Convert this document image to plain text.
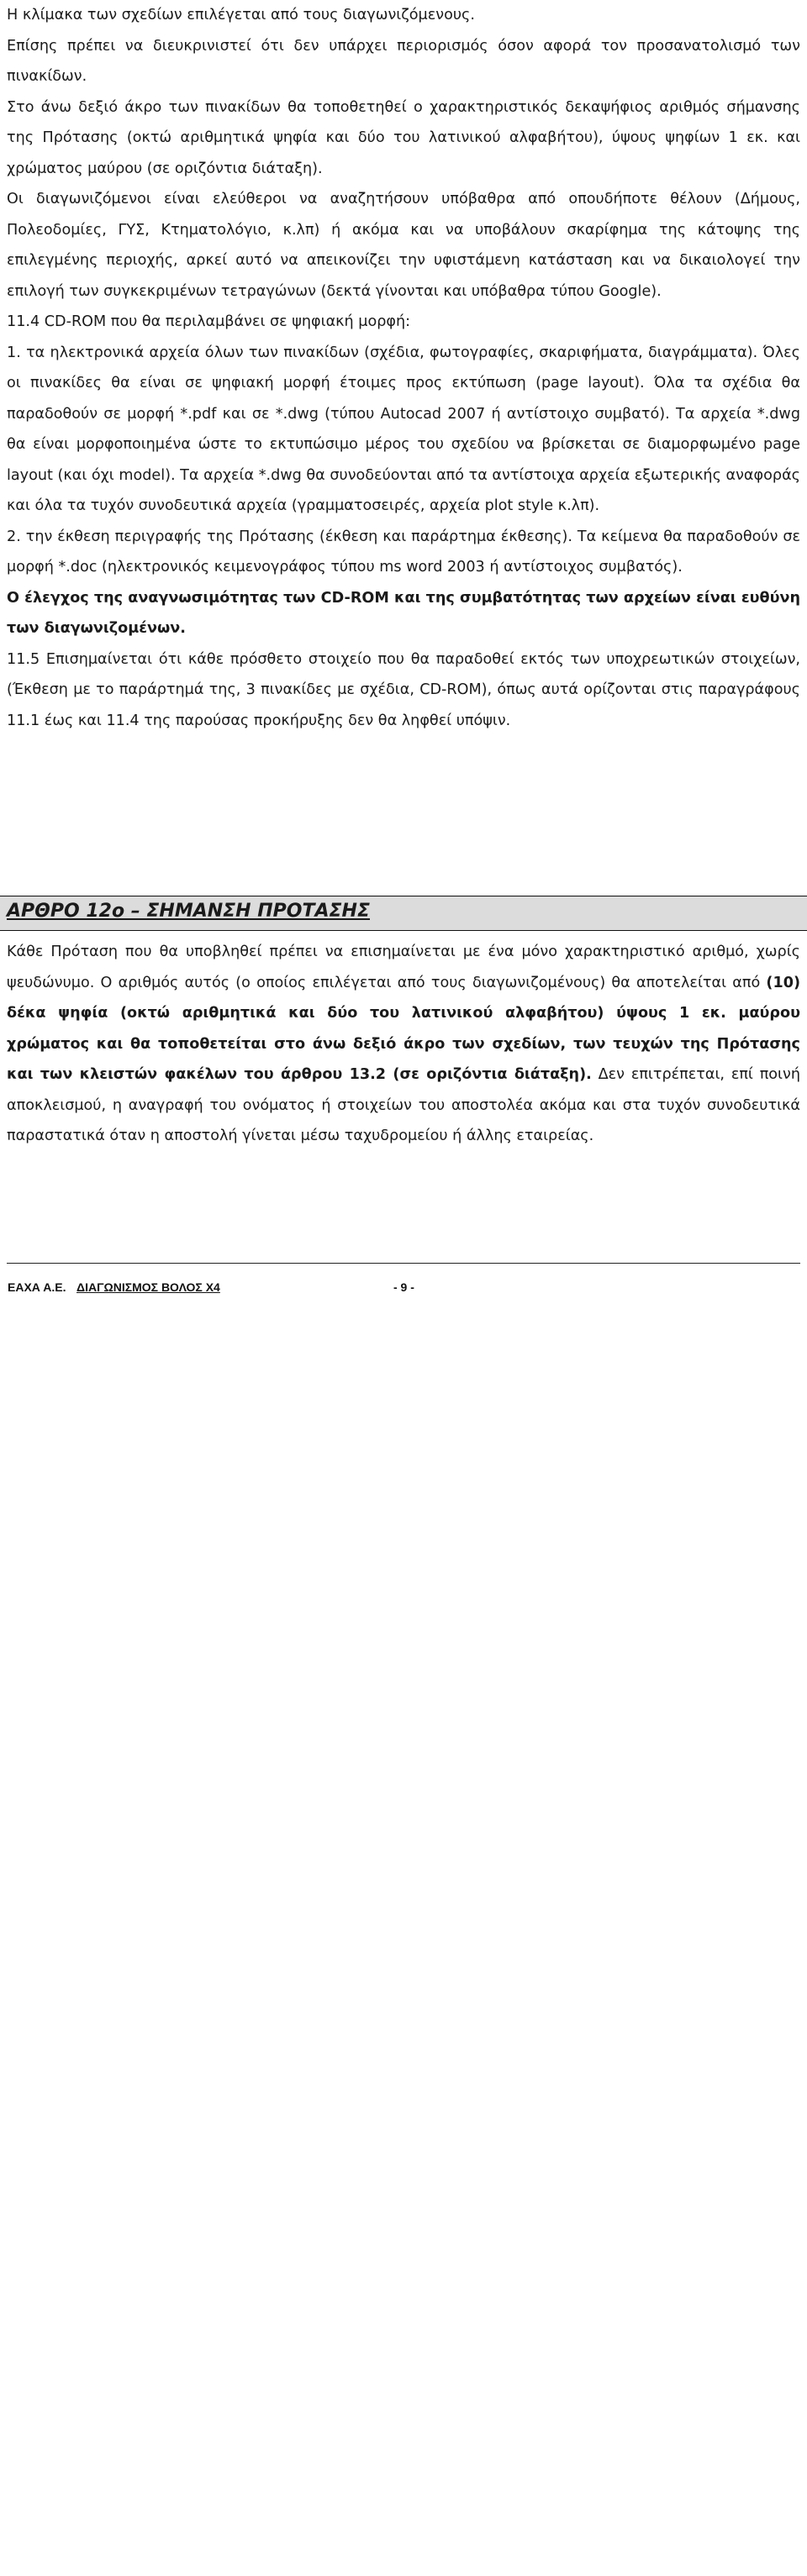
Η κλίμακα των σχεδίων επιλέγεται από τους διαγωνιζόμενους.

Επίσης πρέπει να διευκρινιστεί ότι δεν υπάρχει περιορισμός όσον αφορά τον προσανατολισμό των πινακίδων.

Στο άνω δεξιό άκρο των πινακίδων θα τοποθετηθεί ο χαρακτηριστικός δεκαψήφιος αριθμός σήμανσης της Πρότασης (οκτώ αριθμητικά ψηφία και δύο του λατινικού αλφαβήτου), ύψους ψηφίων 1 εκ. και χρώματος μαύρου (σε οριζόντια διάταξη).

Οι διαγωνιζόμενοι είναι ελεύθεροι να αναζητήσουν υπόβαθρα από οπουδήποτε θέλουν (Δήμους, Πολεοδομίες, ΓΥΣ, Κτηματολόγιο, κ.λπ) ή ακόμα και να υποβάλουν σκαρίφημα της κάτοψης της επιλεγμένης περιοχής, αρκεί αυτό να απεικονίζει την υφιστάμενη κατάσταση και να δικαιολογεί την επιλογή των συγκεκριμένων τετραγώνων (δεκτά γίνονται και υπόβαθρα τύπου Google).

11.4 CD-ROM που θα περιλαμβάνει σε ψηφιακή μορφή:

1. τα ηλεκτρονικά αρχεία όλων των πινακίδων (σχέδια, φωτογραφίες, σκαριφήματα, διαγράμματα). Όλες οι πινακίδες θα είναι σε ψηφιακή μορφή έτοιμες προς εκτύπωση (page layout). Όλα τα σχέδια θα παραδοθούν σε μορφή *.pdf και σε *.dwg (τύπου Autocad 2007 ή αντίστοιχο συμβατό). Τα αρχεία *.dwg θα είναι μορφοποιημένα ώστε το εκτυπώσιμο μέρος του σχεδίου να βρίσκεται σε διαμορφωμένο page layout (και όχι model). Τα αρχεία *.dwg θα συνοδεύονται από τα αντίστοιχα αρχεία εξωτερικής αναφοράς και όλα τα τυχόν συνοδευτικά αρχεία (γραμματοσειρές, αρχεία plot style κ.λπ).

2. την έκθεση περιγραφής της Πρότασης (έκθεση και παράρτημα έκθεσης). Τα κείμενα θα παραδοθούν σε μορφή *.doc (ηλεκτρονικός κειμενογράφος τύπου ms word 2003 ή αντίστοιχος συμβατός).

Ο έλεγχος της αναγνωσιμότητας των CD-ROM και της συμβατότητας των αρχείων είναι ευθύνη των διαγωνιζομένων.

11.5 Επισημαίνεται ότι κάθε πρόσθετο στοιχείο που θα παραδοθεί εκτός των υποχρεωτικών στοιχείων, (Έκθεση με το παράρτημά της, 3 πινακίδες με σχέδια, CD-ROM), όπως αυτά ορίζονται στις παραγράφους 11.1 έως και 11.4 της παρούσας προκήρυξης δεν θα ληφθεί υπόψιν.

ΑΡΘΡΟ 12ο – ΣΗΜΑΝΣΗ ΠΡΟΤΑΣΗΣ

Κάθε Πρόταση που θα υποβληθεί πρέπει να επισημαίνεται με ένα μόνο χαρακτηριστικό αριθμό, χωρίς ψευδώνυμο. Ο αριθμός αυτός (ο οποίος επιλέγεται από τους διαγωνιζομένους) θα αποτελείται από (10) δέκα ψηφία (οκτώ αριθμητικά και δύο του λατινικού αλφαβήτου) ύψους 1 εκ. μαύρου χρώματος και θα τοποθετείται στο άνω δεξιό άκρο των σχεδίων, των τευχών της Πρότασης και των κλειστών φακέλων του άρθρου 13.2 (σε οριζόντια διάταξη). Δεν επιτρέπεται, επί ποινή αποκλεισμού, η αναγραφή του ονόματος ή στοιχείων του αποστολέα ακόμα και στα τυχόν συνοδευτικά παραστατικά όταν η αποστολή γίνεται μέσω ταχυδρομείου ή άλλης εταιρείας.

ΕΑΧΑ Α.Ε. ΔΙΑΓΩΝΙΣΜΟΣ ΒΟΛΟΣ Χ4	- 9 -
